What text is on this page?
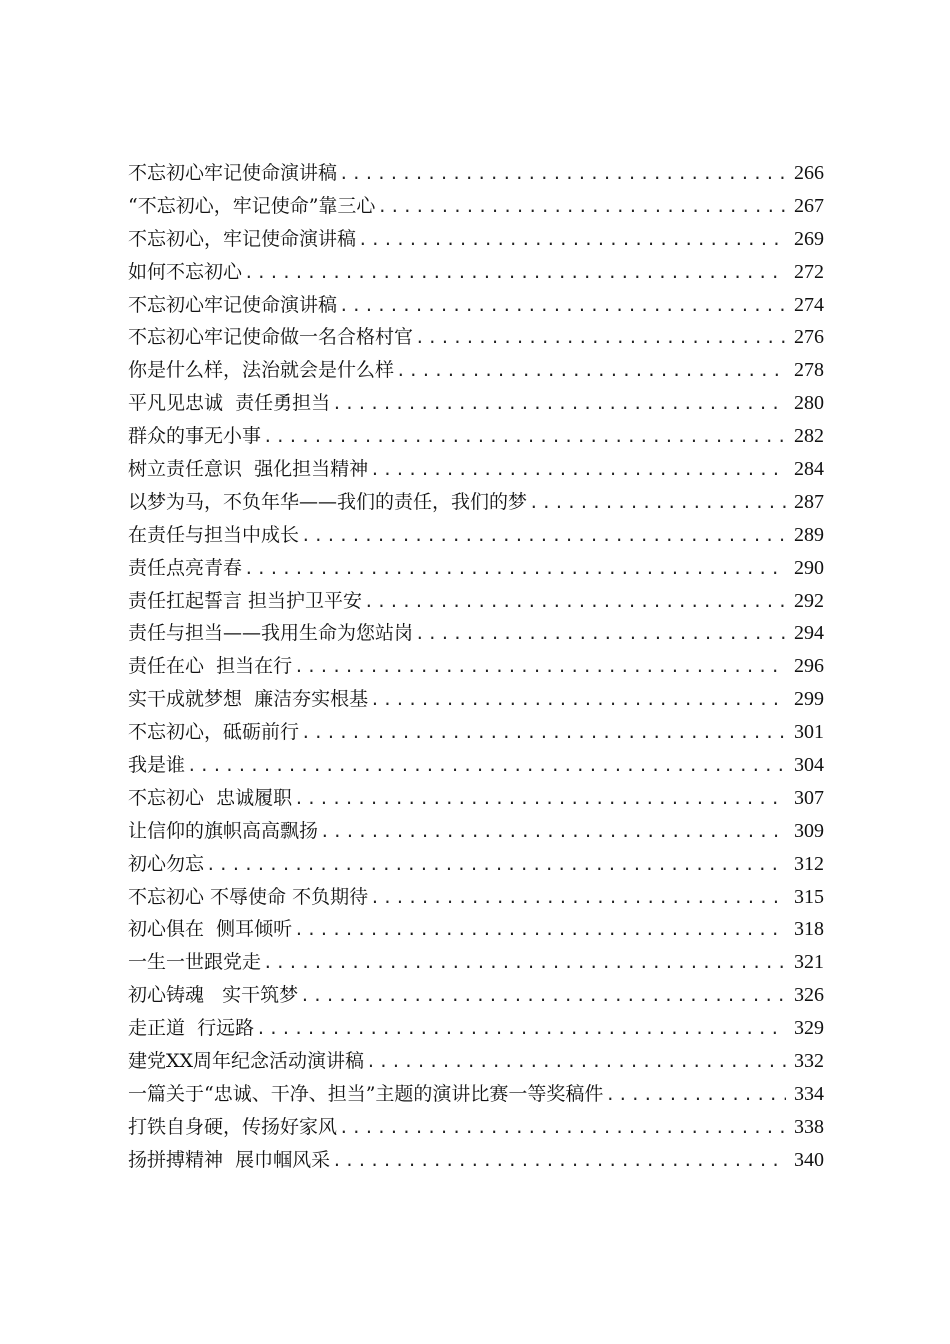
不忘初心牢记使命演讲稿 .....	266
“不忘初心，牢记使命”靠三心 .....	267
不忘初心，牢记使命演讲稿 .....	269
如何不忘初心 .....	272
不忘初心牢记使命演讲稿 .....	274
不忘初心牢记使命做一名合格村官 .....	276
你是什么样，法治就会是什么样 .....	278
平凡见忠诚  责任勇担当 .....	280
群众的事无小事 .....	282
树立责任意识  强化担当精神 .....	284
以梦为马，不负年华——我们的责任，我们的梦 .....	287
在责任与担当中成长 .....	289
责任点亮青春 .....	290
责任扛起誓言 担当护卫平安 .....	292
责任与担当——我用生命为您站岗 .....	294
责任在心  担当在行 .....	296
实干成就梦想  廉洁夯实根基 .....	299
不忘初心，砥砺前行 .....	301
我是谁 .....	304
不忘初心  忠诚履职 .....	307
让信仰的旗帜高高飘扬 .....	309
初心勿忘 .....	312
不忘初心 不辱使命 不负期待 .....	315
初心俱在  侧耳倾听 .....	318
一生一世跟党走 .....	321
初心铸魂   实干筑梦 .....	326
走正道  行远路 .....	329
建党XX周年纪念活动演讲稿 .....	332
一篇关于“忠诚、干净、担当”主题的演讲比赛一等奖稿件 .....	334
打铁自身硬，传扬好家风 .....	338
扬拼搏精神  展巾帼风采 .....	340
